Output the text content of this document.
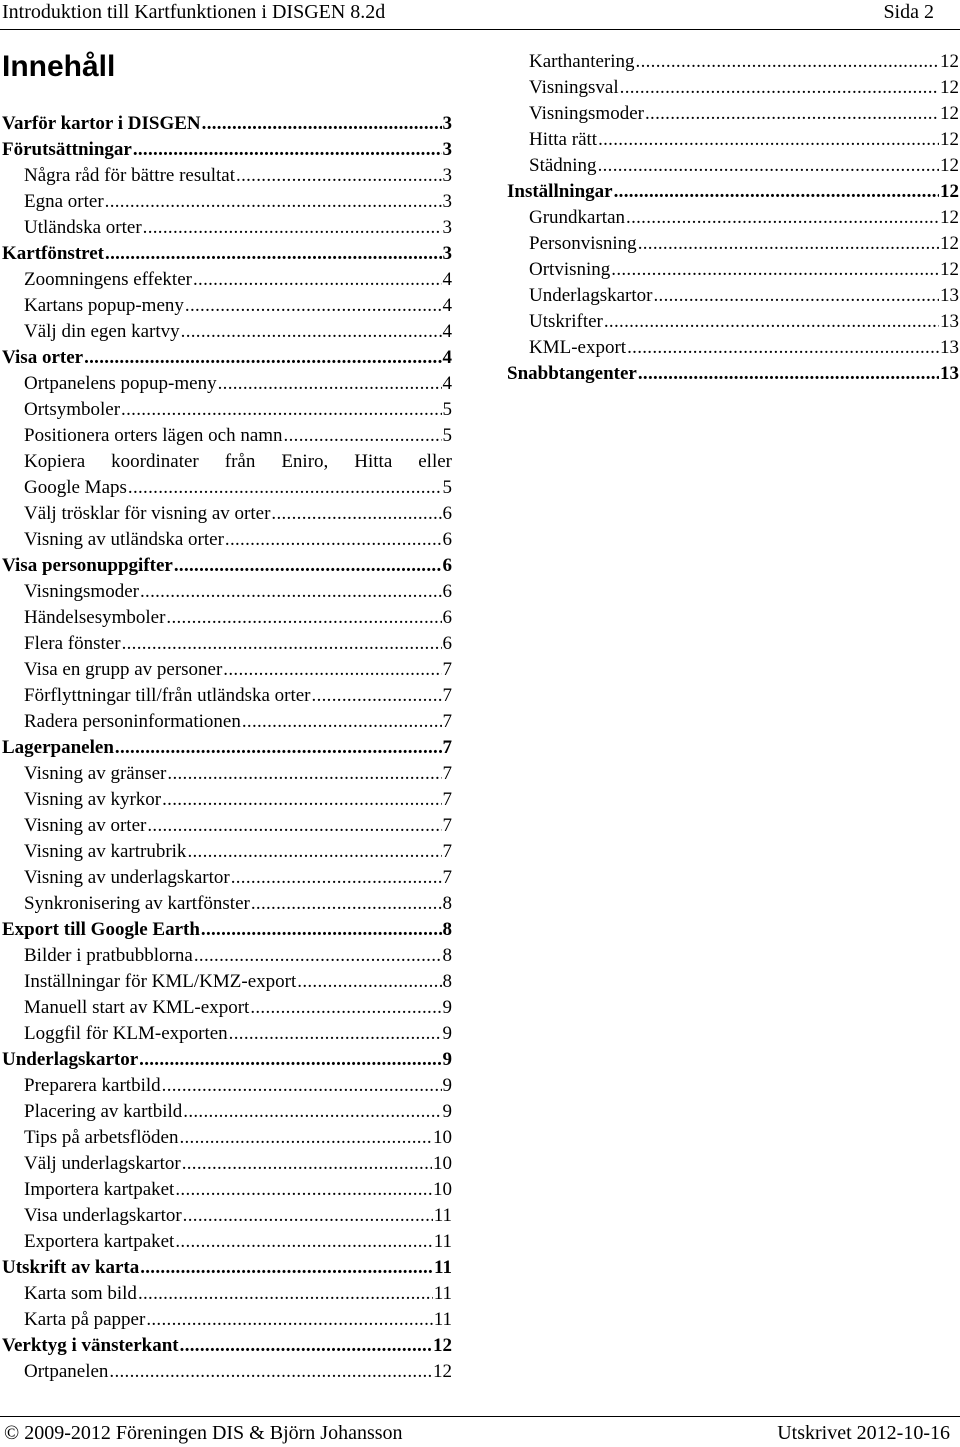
Introduktion till Kartfunktionen i DISGEN 8.2d	Sida 2
Innehåll
Varför kartor i DISGEN .....	3
Förutsättningar .....	3
Några råd för bättre resultat .....	3
Egna orter .....	3
Utländska orter .....	3
Kartfönstret .....	3
Zoomningens effekter .....	4
Kartans popup-meny .....	4
Välj din egen kartvy .....	4
Visa orter .....	4
Ortpanelens popup-meny .....	4
Ortsymboler .....	5
Positionera orters lägen och namn .....	5
Kopiera koordinater från Eniro, Hitta eller
Google Maps .....	5
Välj trösklar för visning av orter .....	6
Visning av utländska orter .....	6
Visa personuppgifter .....	6
Visningsmoder .....	6
Händelsesymboler .....	6
Flera fönster .....	6
Visa en grupp av personer .....	7
Förflyttningar till/från utländska orter .....	7
Radera personinformationen .....	7
Lagerpanelen .....	7
Visning av gränser .....	7
Visning av kyrkor .....	7
Visning av orter .....	7
Visning av kartrubrik .....	7
Visning av underlagskartor .....	7
Synkronisering av kartfönster .....	8
Export till Google Earth .....	8
Bilder i pratbubblorna .....	8
Inställningar för KML/KMZ-export .....	8
Manuell start av KML-export .....	9
Loggfil för KLM-exporten .....	9
Underlagskartor .....	9
Preparera kartbild .....	9
Placering av kartbild .....	9
Tips på arbetsflöden .....	10
Välj underlagskartor .....	10
Importera kartpaket .....	10
Visa underlagskartor .....	11
Exportera kartpaket .....	11
Utskrift av karta .....	11
Karta som bild .....	11
Karta på papper .....	11
Verktyg i vänsterkant .....	12
Ortpanelen .....	12
Karthantering .....	12
Visningsval .....	12
Visningsmoder .....	12
Hitta rätt .....	12
Städning .....	12
Inställningar .....	12
Grundkartan .....	12
Personvisning .....	12
Ortvisning .....	12
Underlagskartor .....	13
Utskrifter .....	13
KML-export .....	13
Snabbtangenter .....	13
© 2009-2012 Föreningen DIS & Björn Johansson	Utskrivet 2012-10-16
